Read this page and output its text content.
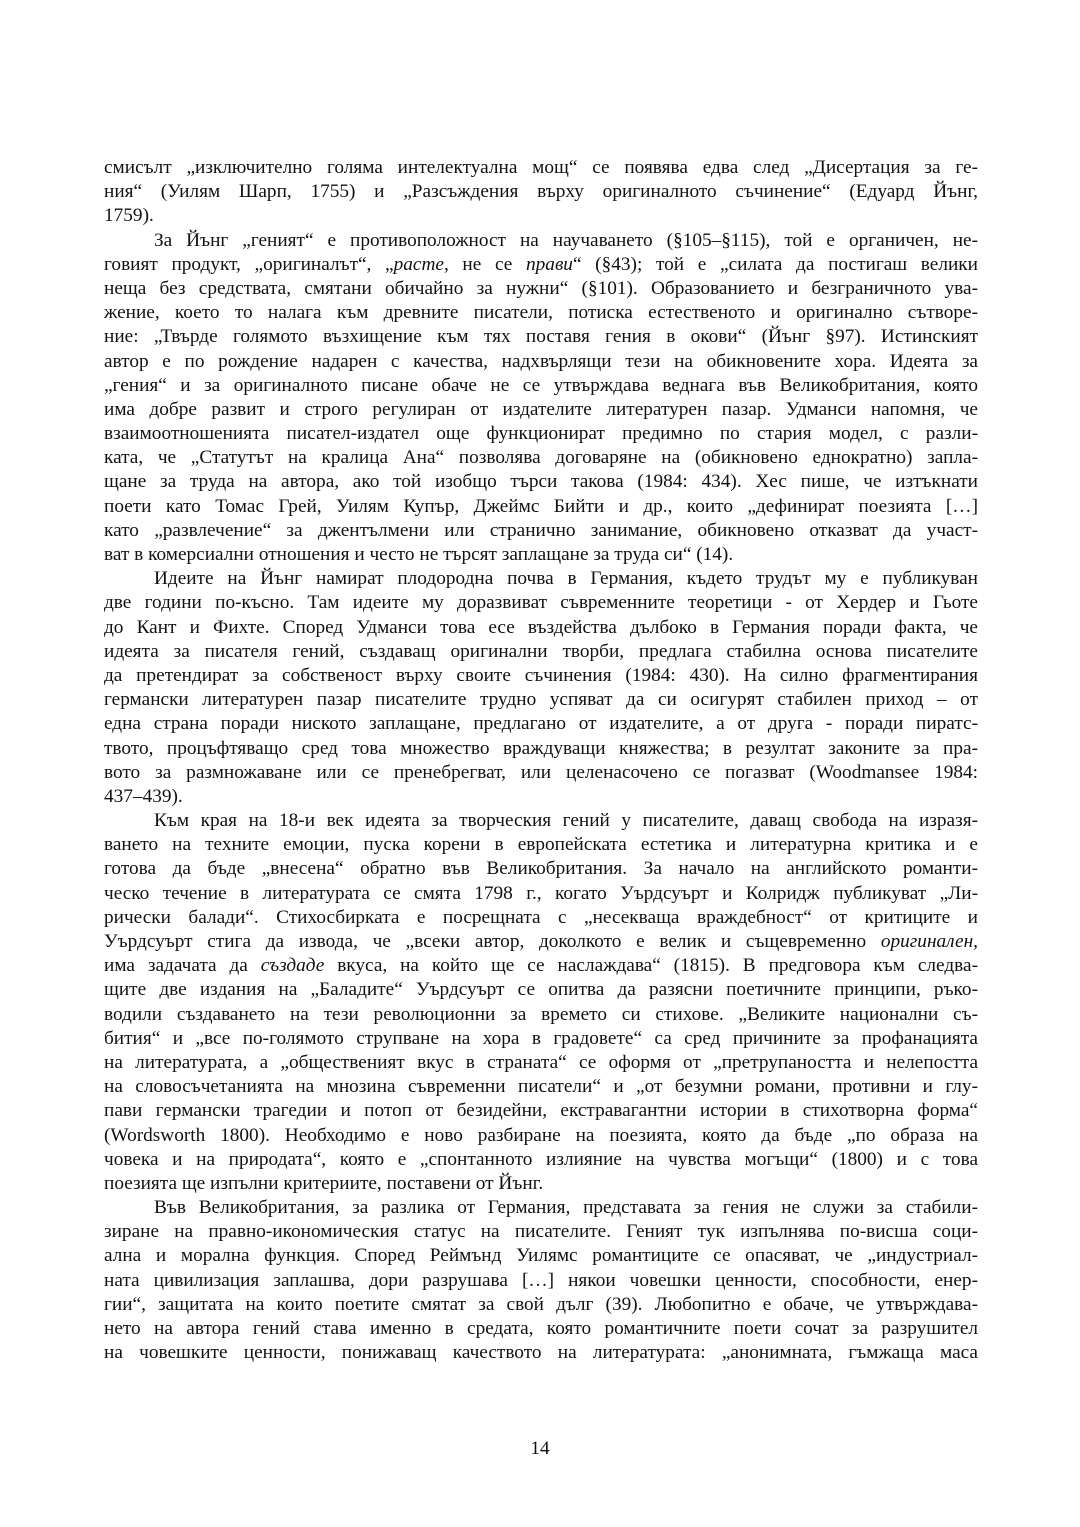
смисълт „изключително голяма интелектуална мощ“ се появява едва след „Дисертация за ге-
ния“ (Уилям Шарп, 1755) и „Разсъждения върху оригиналното съчинение“ (Едуард Йънг,
1759).
За Йънг „геният“ е противоположност на научаването (§105–§115), той е органичен, не-
говият продукт, „оригиналът“, „расте, не се прави“ (§43); той е „силата да постигаш велики
неща без средствата, смятани обичайно за нужни“ (§101). Образованието и безграничното ува-
жение, което то налага към древните писатели, потиска естественото и оригинално сътворе-
ние: „Твърде голямото възхищение към тях поставя гения в окови“ (Йънг §97). Истинският
автор е по рождение надарен с качества, надхвърлящи тези на обикновените хора. Идеята за
„гения“ и за оригиналното писане обаче не се утвърждава веднага във Великобритания, която
има добре развит и строго регулиран от издателите литературен пазар. Удманси напомня, че
взаимоотношенията писател-издател още функционират предимно по стария модел, с разли-
ката, че „Статутът на кралица Ана“ позволява договаряне на (обикновено еднократно) запла-
щане за труда на автора, ако той изобщо търси такова (1984: 434). Хес пише, че изтъкнати
поети като Томас Грей, Уилям Купър, Джеймс Бийти и др., които „дефинират поезията […]
като „развлечение“ за джентълмени или странично занимание, обикновено отказват да участ-
ват в комерсиални отношения и често не търсят заплащане за труда си“ (14).
Идеите на Йънг намират плодородна почва в Германия, където трудът му е публикуван
две години по-късно. Там идеите му доразвиват съвременните теоретици - от Хердер и Гьоте
до Кант и Фихте. Според Удманси това есе въздейства дълбоко в Германия поради факта, че
идеята за писателя гений, създаващ оригинални творби, предлага стабилна основа писателите
да претендират за собственост върху своите съчинения (1984: 430). На силно фрагментирания
германски литературен пазар писателите трудно успяват да си осигурят стабилен приход – от
една страна поради ниското заплащане, предлагано от издателите, а от друга - поради пиратс-
твото, процъфтяващо сред това множество враждуващи княжества; в резултат законите за пра-
вото за размножаване или се пренебрегват, или целенасочено се погазват (Woodmansee 1984:
437–439).
Към края на 18-и век идеята за творческия гений у писателите, даващ свобода на изразя-
ването на техните емоции, пуска корени в европейската естетика и литературна критика и е
готова да бъде „внесена“ обратно във Великобритания. За начало на английското романти-
ческо течение в литературата се смята 1798 г., когато Уърдсуърт и Колридж публикуват „Ли-
рически балади“. Стихосбирката е посрещната с „несекваща враждебност“ от критиците и
Уърдсуърт стига да извода, че „всеки автор, доколкото е велик и същевременно оригинален,
има задачата да създаде вкуса, на който ще се наслаждава“ (1815). В предговора към следва-
щите две издания на „Баладите“ Уърдсуърт се опитва да разясни поетичните принципи, ръко-
водили създаването на тези революционни за времето си стихове. „Великите национални съ-
бития“ и „все по-голямото струпване на хора в градовете“ са сред причините за профанацията
на литературата, а „общественият вкус в страната“ се оформя от „претрупаността и нелепостта
на словосъчетанията на мнозина съвременни писатели“ и „от безумни романи, противни и глу-
пави германски трагедии и потоп от безидейни, екстравагантни истории в стихотворна форма“
(Wordsworth 1800). Необходимо е ново разбиране на поезията, която да бъде „по образа на
човека и на природата“, която е „спонтанното излияние на чувства могъщи“ (1800) и с това
поезията ще изпълни критериите, поставени от Йънг.
Във Великобритания, за разлика от Германия, представата за гения не служи за стабили-
зиране на правно-икономическия статус на писателите. Геният тук изпълнява по-висша соци-
ална и морална функция. Според Реймънд Уилямс романтиците се опасяват, че „индустриал-
ната цивилизация заплашва, дори разрушава […] някои човешки ценности, способности, енер-
гии“, защитата на които поетите смятат за свой дълг (39). Любопитно е обаче, че утвърждава-
нето на автора гений става именно в средата, която романтичните поети сочат за разрушител
на човешките ценности, понижаващ качеството на литературата: „анонимната, гъмжаща маса
14
